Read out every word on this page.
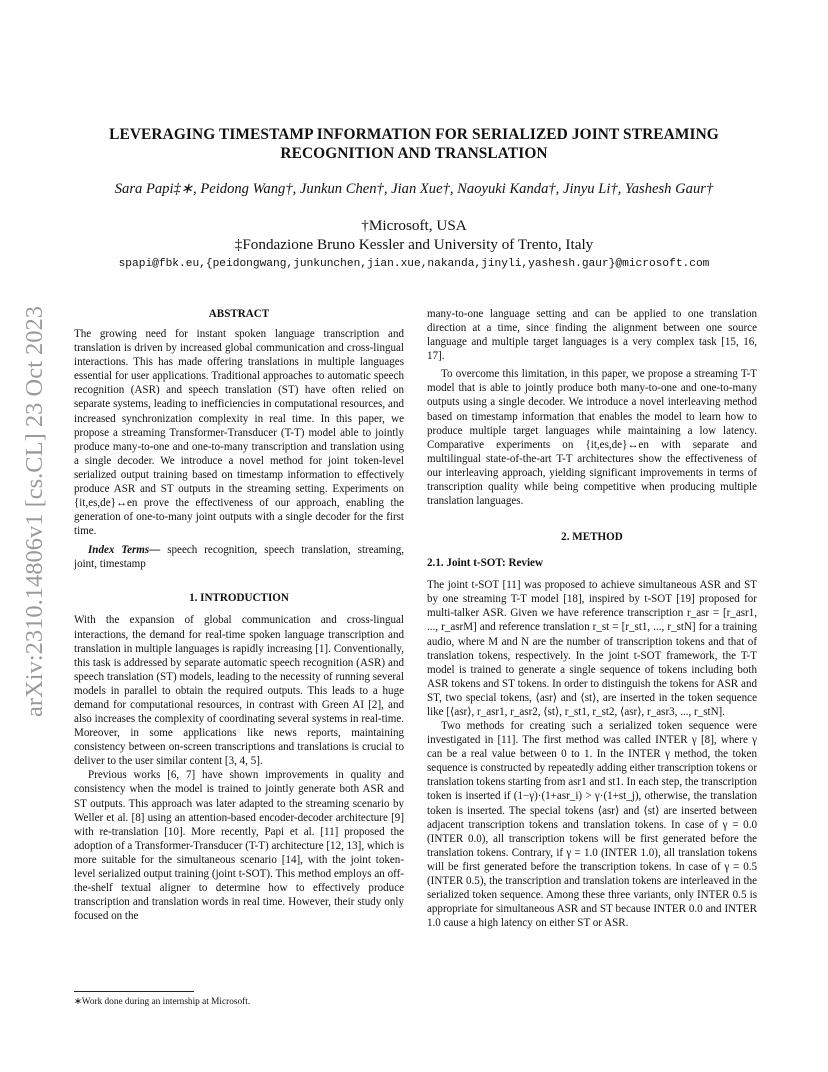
LEVERAGING TIMESTAMP INFORMATION FOR SERIALIZED JOINT STREAMING
RECOGNITION AND TRANSLATION
Sara Papi‡∗, Peidong Wang†, Junkun Chen†, Jian Xue†, Naoyuki Kanda†, Jinyu Li†, Yashesh Gaur†
†Microsoft, USA
‡Fondazione Bruno Kessler and University of Trento, Italy
spapi@fbk.eu,{peidongwang,junkunchen,jian.xue,nakanda,jinyli,yashesh.gaur}@microsoft.com
arXiv:2310.14806v1 [cs.CL] 23 Oct 2023	ABSTRACT

The growing need for instant spoken language transcription and translation is driven by increased global communication and cross-lingual interactions. This has made offering translations in multiple languages essential for user applications. Traditional approaches to automatic speech recognition (ASR) and speech translation (ST) have often relied on separate systems, leading to inefficiencies in computational resources, and increased synchronization complexity in real time. In this paper, we propose a streaming Transformer-Transducer (T-T) model able to jointly produce many-to-one and one-to-many transcription and translation using a single decoder. We introduce a novel method for joint token-level serialized output training based on timestamp information to effectively produce ASR and ST outputs in the streaming setting. Experiments on {it,es,de}↔en prove the effectiveness of our approach, enabling the generation of one-to-many joint outputs with a single decoder for the first time.

Index Terms— speech recognition, speech translation, streaming, joint, timestamp

1. INTRODUCTION

With the expansion of global communication and cross-lingual interactions, the demand for real-time spoken language transcription and translation in multiple languages is rapidly increasing [1]. Conventionally, this task is addressed by separate automatic speech recognition (ASR) and speech translation (ST) models, leading to the necessity of running several models in parallel to obtain the required outputs. This leads to a huge demand for computational resources, in contrast with Green AI [2], and also increases the complexity of coordinating several systems in real-time. Moreover, in some applications like news reports, maintaining consistency between on-screen transcriptions and translations is crucial to deliver to the user similar content [3, 4, 5].

Previous works [6, 7] have shown improvements in quality and consistency when the model is trained to jointly generate both ASR and ST outputs. This approach was later adapted to the streaming scenario by Weller et al. [8] using an attention-based encoder-decoder architecture [9] with re-translation [10]. More recently, Papi et al. [11] proposed the adoption of a Transformer-Transducer (T-T) architecture [12, 13], which is more suitable for the simultaneous scenario [14], with the joint token-level serialized output training (joint t-SOT). This method employs an off-the-shelf textual aligner to determine how to effectively produce transcription and translation words in real time. However, their study only focused on the

many-to-one language setting and can be applied to one translation direction at a time, since finding the alignment between one source language and multiple target languages is a very complex task [15, 16, 17].

To overcome this limitation, in this paper, we propose a streaming T-T model that is able to jointly produce both many-to-one and one-to-many outputs using a single decoder. We introduce a novel interleaving method based on timestamp information that enables the model to learn how to produce multiple target languages while maintaining a low latency. Comparative experiments on {it,es,de}↔en with separate and multilingual state-of-the-art T-T architectures show the effectiveness of our interleaving approach, yielding significant improvements in terms of transcription quality while being competitive when producing multiple translation languages.

2. METHOD
2.1. Joint t-SOT: Review

The joint t-SOT [11] was proposed to achieve simultaneous ASR and ST by one streaming T-T model [18], inspired by t-SOT [19] proposed for multi-talker ASR. Given we have reference transcription r_asr = [r_asr1, ..., r_asrM] and reference translation r_st = [r_st1, ..., r_stN] for a training audio, where M and N are the number of transcription tokens and that of translation tokens, respectively. In the joint t-SOT framework, the T-T model is trained to generate a single sequence of tokens including both ASR tokens and ST tokens. In order to distinguish the tokens for ASR and ST, two special tokens, ⟨asr⟩ and ⟨st⟩, are inserted in the token sequence like [⟨asr⟩, r_asr1, r_asr2, ⟨st⟩, r_st1, r_st2, ⟨asr⟩, r_asr3, ..., r_stN].

Two methods for creating such a serialized token sequence were investigated in [11]. The first method was called INTER γ [8], where γ can be a real value between 0 to 1. In the INTER γ method, the token sequence is constructed by repeatedly adding either transcription tokens or translation tokens starting from asr1 and st1. In each step, the transcription token is inserted if (1−γ)·(1+asr_i) > γ·(1+st_j), otherwise, the translation token is inserted. The special tokens ⟨asr⟩ and ⟨st⟩ are inserted between adjacent transcription tokens and translation tokens. In case of γ = 0.0 (INTER 0.0), all transcription tokens will be first generated before the translation tokens. Contrary, if γ = 1.0 (INTER 1.0), all translation tokens will be first generated before the transcription tokens. In case of γ = 0.5 (INTER 0.5), the transcription and translation tokens are interleaved in the serialized token sequence. Among these three variants, only INTER 0.5 is appropriate for simultaneous ASR and ST because INTER 0.0 and INTER 1.0 cause a high latency on either ST or ASR.

∗Work done during an internship at Microsoft.
